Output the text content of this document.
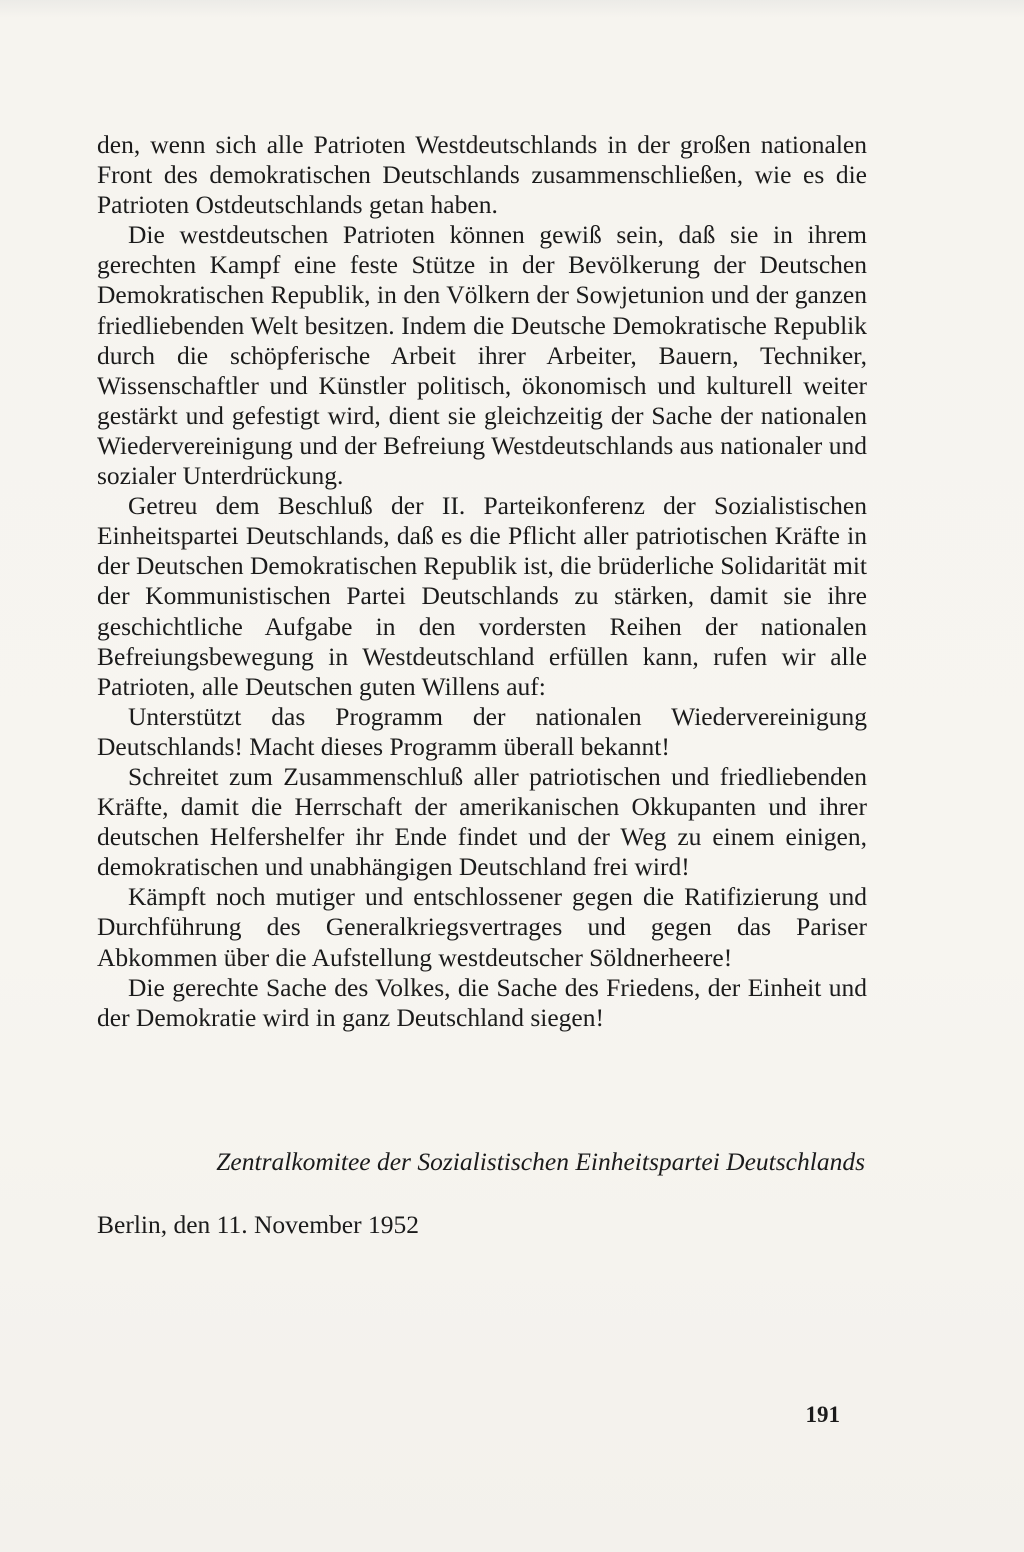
den, wenn sich alle Patrioten Westdeutschlands in der großen nationalen Front des demokratischen Deutschlands zusammenschließen, wie es die Patrioten Ostdeutschlands getan haben.

Die westdeutschen Patrioten können gewiß sein, daß sie in ihrem gerechten Kampf eine feste Stütze in der Bevölkerung der Deutschen Demokratischen Republik, in den Völkern der Sowjetunion und der ganzen friedliebenden Welt besitzen. Indem die Deutsche Demokratische Republik durch die schöpferische Arbeit ihrer Arbeiter, Bauern, Techniker, Wissenschaftler und Künstler politisch, ökonomisch und kulturell weiter gestärkt und gefestigt wird, dient sie gleichzeitig der Sache der nationalen Wiedervereinigung und der Befreiung Westdeutschlands aus nationaler und sozialer Unterdrückung.

Getreu dem Beschluß der II. Parteikonferenz der Sozialistischen Einheitspartei Deutschlands, daß es die Pflicht aller patriotischen Kräfte in der Deutschen Demokratischen Republik ist, die brüderliche Solidarität mit der Kommunistischen Partei Deutschlands zu stärken, damit sie ihre geschichtliche Aufgabe in den vordersten Reihen der nationalen Befreiungsbewegung in Westdeutschland erfüllen kann, rufen wir alle Patrioten, alle Deutschen guten Willens auf:

Unterstützt das Programm der nationalen Wiedervereinigung Deutschlands! Macht dieses Programm überall bekannt!

Schreitet zum Zusammenschluß aller patriotischen und friedliebenden Kräfte, damit die Herrschaft der amerikanischen Okkupanten und ihrer deutschen Helfershelfer ihr Ende findet und der Weg zu einem einigen, demokratischen und unabhängigen Deutschland frei wird!

Kämpft noch mutiger und entschlossener gegen die Ratifizierung und Durchführung des Generalkriegsvertrages und gegen das Pariser Abkommen über die Aufstellung westdeutscher Söldnerheere!

Die gerechte Sache des Volkes, die Sache des Friedens, der Einheit und der Demokratie wird in ganz Deutschland siegen!

Zentralkomitee der Sozialistischen Einheitspartei Deutschlands
Berlin, den 11. November 1952
191
